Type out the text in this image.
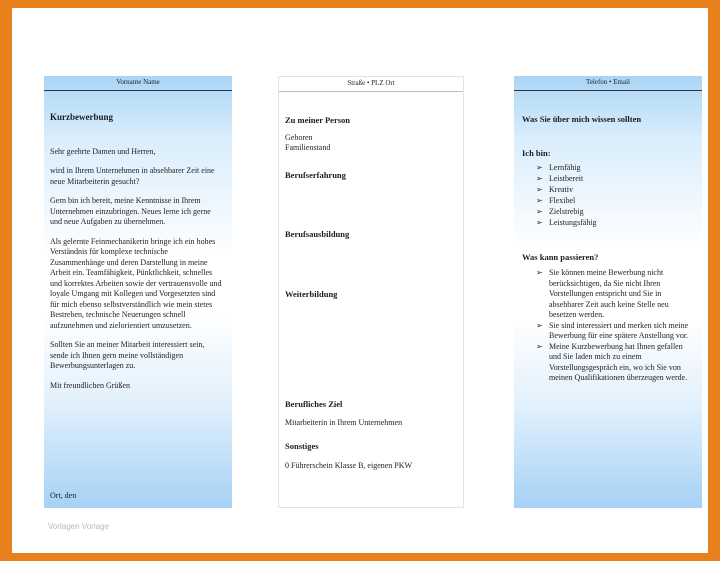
Vorname Name
Kurzbewerbung
Sehr geehrte Damen und Herren,
wird in Ihrem Unternehmen in absehbarer Zeit eine neue Mitarbeiterin gesucht?
Gern bin ich bereit, meine Kenntnisse in Ihrem Unternehmen einzubringen. Neues lerne ich gerne und neue Aufgaben zu übernehmen.
Als gelernte Feinmechanikerin bringe ich ein hohes Verständnis für komplexe technische Zusammenhänge und deren Darstellung in meine Arbeit ein. Teamfähigkeit, Pünktlichkeit, schnelles und korrektes Arbeiten sowie der vertrauensvolle und loyale Umgang mit Kollegen und Vorgesetzten sind für mich ebenso selbstverständlich wie mein stetes Bestreben, technische Neuerungen schnell aufzunehmen und zielorientiert umzusetzen.
Sollten Sie an meiner Mitarbeit interessiert sein, sende ich Ihnen gern meine vollständigen Bewerbungsunterlagen zu.
Mit freundlichen Grüßen
Ort, den
Straße • PLZ Ort
Zu meiner Person
Geboren
Familienstand
Berufserfahrung
Berufsausbildung
Weiterbildung
Berufliches Ziel
Mitarbeiterin in Ihrem Unternehmen
Sonstiges
0 Führerschein Klasse B, eigenen PKW
Telefon • Email
Was Sie über mich wissen sollten
Ich bin:
➢ Lernfähig
➢ Leistbereit
➢ Kreativ
➢ Flexibel
➢ Zielstrebig
➢ Leistungsfähig
Was kann passieren?
➢ Sie können meine Bewerbung nicht berücksichtigen, da Sie nicht Ihren Vorstellungen entspricht und Sie in absehbarer Zeit auch keine Stelle neu besetzen werden.
➢ Sie sind interessiert und merken sich meine Bewerbung für eine spätere Anstellung vor.
➢ Meine Kurzbewerbung hat Ihnen gefallen und Sie laden mich zu einem Vorstellungsgespräch ein, wo ich Sie von meinen Qualifikationen überzeugen werde.
Vorlagen Vorlage
